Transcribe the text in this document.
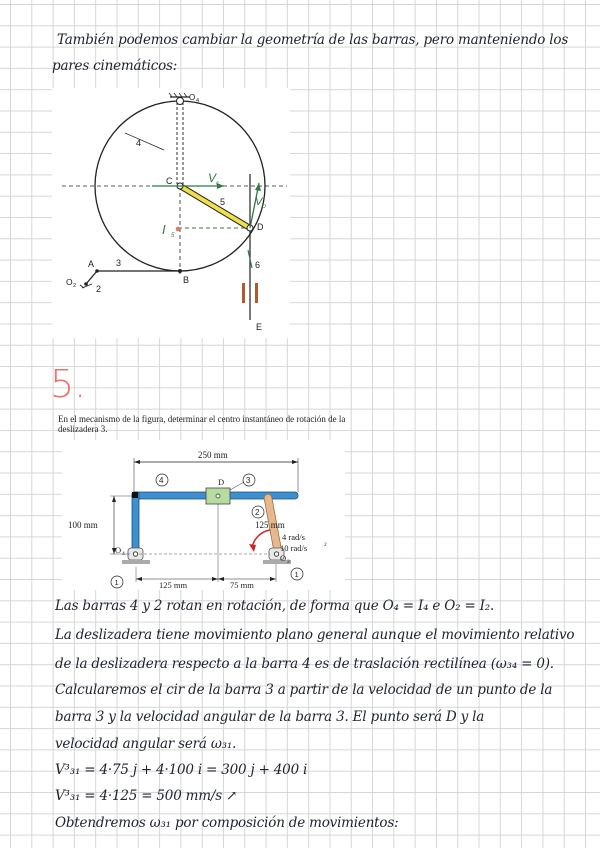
También podemos cambiar la geometría de las barras, pero manteniendo los
pares cinemáticos:
O 4
4
C	V c
5	V D
I 5
D
A 3
O 2 2
B
6
E
5.
En el mecanismo de la figura, determinar el centro instantáneo de rotación de la deslizadera 3.
250 mm
4	D	3
2
125 mm
100 mm
4 rad/s
10 rad/s	2
O 4	O 2
1
1
125 mm	75 mm
Las barras 4 y 2 rotan en rotación, de forma que O₄ = I₄ e O₂ = I₂.
La deslizadera tiene movimiento plano general aunque el movimiento relativo
de la deslizadera respecto a la barra 4 es de traslación rectilínea (ω₃₄ = 0).
Calcularemos el cir de la barra 3 a partir de la velocidad de un punto de la
barra 3 y la velocidad angular de la barra 3. El punto será D y la
velocidad angular será ω₃₁.
V³₃₁ = 4·75 j + 4·100 i = 300 j + 400 i
V³₃₁ = 4·125 = 500 mm/s ↗
Obtendremos ω₃₁ por composición de movimientos:
